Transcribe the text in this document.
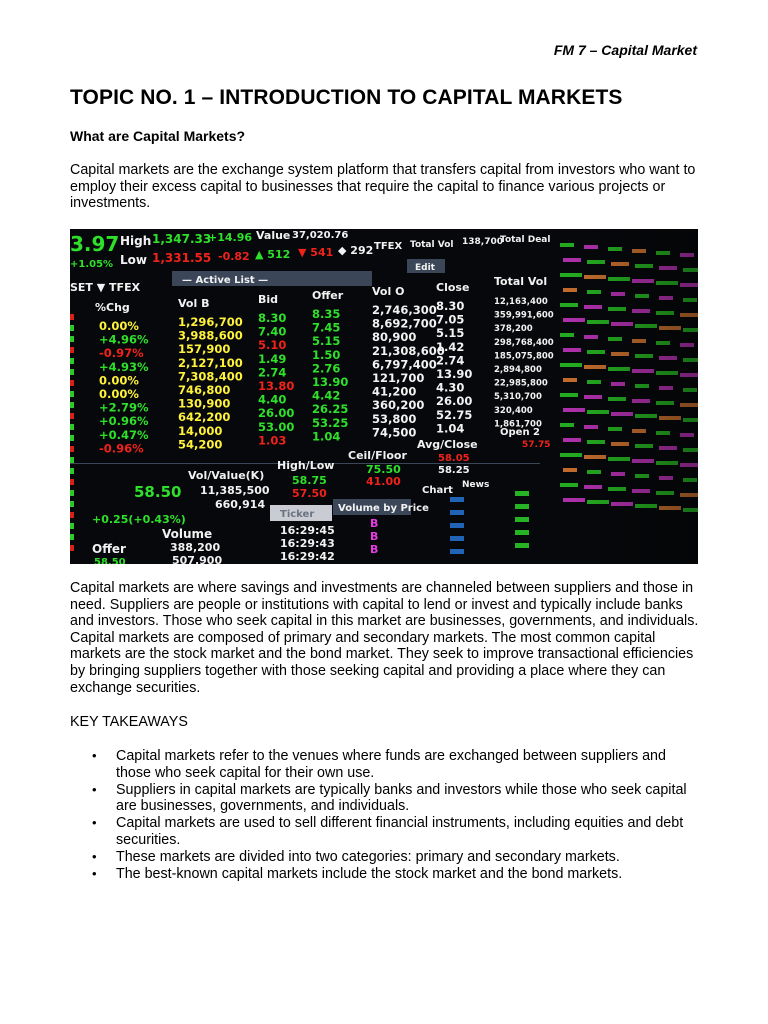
FM 7 – Capital Market
TOPIC NO. 1 – INTRODUCTION TO CAPITAL MARKETS
What are Capital Markets?

Capital markets are the exchange system platform that transfers capital from investors who want to employ their excess capital to businesses that require the capital to finance various projects or investments.

Capital markets are where savings and investments are channeled between suppliers and those in need. Suppliers are people or institutions with capital to lend or invest and typically include banks and investors. Those who seek capital in this market are businesses, governments, and individuals. Capital markets are composed of primary and secondary markets. The most common capital markets are the stock market and the bond market. They seek to improve transactional efficiencies by bringing suppliers together with those seeking capital and providing a place where they can exchange securities.

KEY TAKEAWAYS
• Capital markets refer to the venues where funds are exchanged between suppliers and those who seek capital for their own use.
• Suppliers in capital markets are typically banks and investors while those who seek capital are businesses, governments, and individuals.
• Capital markets are used to sell different financial instruments, including equities and debt securities.
• These markets are divided into two categories: primary and secondary markets.
• The best-known capital markets include the stock market and the bond markets.
